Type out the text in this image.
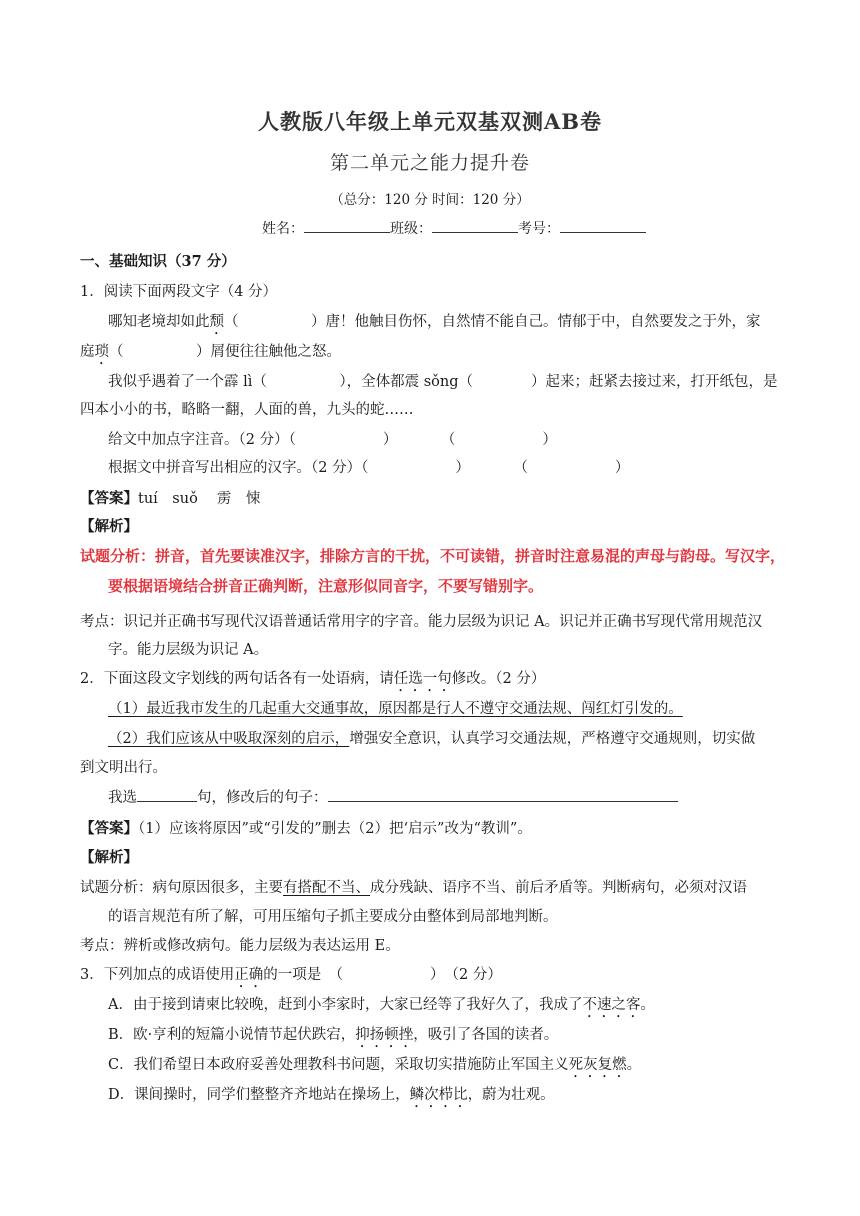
人教版八年级上单元双基双测AB卷
第二单元之能力提升卷
（总分：120 分 时间：120 分）
姓名：	班级：	考号：
一、基础知识（37 分）
1．阅读下面两段文字（4 分）
哪知老境却如此颓（　　　　　）唐！他触目伤怀，自然情不能自己。情郁于中，自然要发之于外，家
庭琐（　　　　　）屑便往往触他之怒。
我似乎遇着了一个霹 lì（　　　　　），全体都震 sǒng（　　　　）起来；赶紧去接过来，打开纸包，是
四本小小的书，略略一翻，人面的兽，九头的蛇……
给文中加点字注音。（2 分）（　　　　　　）　　　　（　　　　　　）
根据文中拼音写出相应的汉字。（2 分）（　　　　　　）　　　　（　　　　　　）
【答案】tuí　suǒ　 雳　悚
【解析】
试题分析：拼音，首先要读准汉字，排除方言的干扰，不可读错，拼音时注意易混的声母与韵母。写汉字，
要根据语境结合拼音正确判断，注意形似同音字，不要写错别字。
考点：识记并正确书写现代汉语普通话常用字的字音。能力层级为识记 A。识记并正确书写现代常用规范汉
字。能力层级为识记 A。
2．下面这段文字划线的两句话各有一处语病，请任选一句修改。（2 分）
（1）最近我市发生的几起重大交通事故，原因都是行人不遵守交通法规、闯红灯引发的。
（2）我们应该从中吸取深刻的启示，增强安全意识，认真学习交通法规，严格遵守交通规则，切实做
到文明出行。
我选	句，修改后的句子：
【答案】（1）应该将原因”或“引发的”删去（2）把‘启示”改为“教训”。
【解析】
试题分析：病句原因很多，主要有搭配不当、成分残缺、语序不当、前后矛盾等。判断病句，必须对汉语
的语言规范有所了解，可用压缩句子抓主要成分由整体到局部地判断。
考点：辨析或修改病句。能力层级为表达运用 E。
3．下列加点的成语使用正确的一项是　（　　　　　　）　（2 分）
A．由于接到请柬比较晚，赶到小李家时，大家已经等了我好久了，我成了不速之客。
B．欧·亨利的短篇小说情节起伏跌宕，抑扬顿挫，吸引了各国的读者。
C．我们希望日本政府妥善处理教科书问题，采取切实措施防止军国主义死灰复燃。
D．课间操时，同学们整整齐齐地站在操场上，鳞次栉比，蔚为壮观。
